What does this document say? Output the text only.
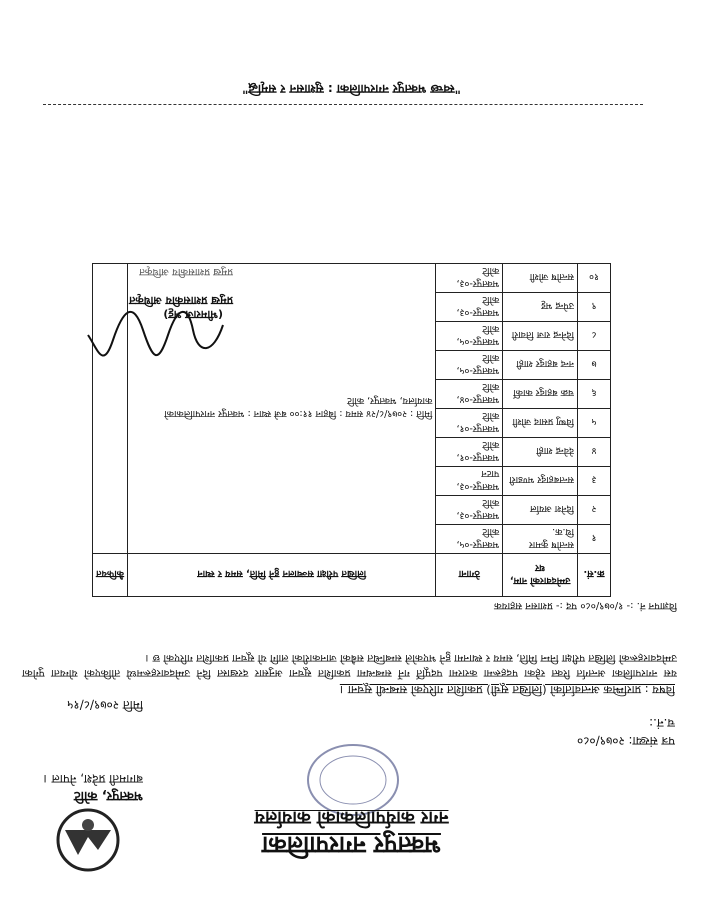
भक्तपुर नगरपालिका
नगर कार्यपालिकाको कार्यालय
भक्तपुर, कोटि
बागमती प्रदेश, नेपाल ।
पत्र संख्या: २०७९/०८०
च.नं.:
मिति २०७९/८/१५
विषय : प्रारम्भिक अन्तर्वार्ताको (लिखित सूची) प्रकाशित गरिएको सम्बन्धी सूचना ।
यस नगरपालिका अन्तर्गत रिक्त रहेका पदहरूमा करारमा पदपूर्ति गर्ने सम्बन्धमा प्रकाशित सूचना अनुसार दरखास्त दिने उम्मेदवारहरूमध्ये तोकिएको योग्यता पुगेका उम्मेदवारहरूको लिखित परीक्षा निम्न मिति, समय र स्थानमा हुने भएकोले सम्बन्धित सबैको जानकारीको लागि यो सूचना प्रकाशित गरिएको छ ।
विज्ञापन नं. :- १/०७९/०८० पद :- प्रशासन सहायक
क्र.सं.	उम्मेदवारको नाम, थर	ठेगाना	लिखित परीक्षा सञ्चालन हुने मिति, समय र स्थान	कैफियत
१	सन्तोष कुमार थि.क.	भक्तपुर-०५, कोटि	मिति : २०७९/८/२४ समय : बिहान ११:०० बजे स्थान : भक्तपुर नगरपालिकाको कार्यालय, भक्तपुर, कोटि	
२	दिनेश अर्याल	भक्तपुर-०३, कोटि		
३	सन्तबहादुर भण्डारी	भक्तपुर-०३, पाटन		
४	देवेन्द्र शाही	भक्तपुर-०१, कोटि		
५	विष्णु प्रसाद जोशी	भक्तपुर-०१, कोटि		
६	चक्र बहादुर कार्की	भक्तपुर-०४, कोटि		
७	नन्द बहादुर शाही	भक्तपुर-०५, कोटि		
८	दिनेन्द्र राज तिवारी	भक्तपुर-०५, कोटि		
९	उपेन्द्र भट्ट	भक्तपुर-०३, कोटि		
१०	सन्तोष जोशी	भक्तपुर-०३, कोटि		
(भीमराज भट्ट)
प्रमुख प्रशासकीय अधिकृत
प्रमुख प्रशासकीय अधिकृत
"स्वच्छ भक्तपुर नगरपालिका : सुशासन र समृद्धि"
